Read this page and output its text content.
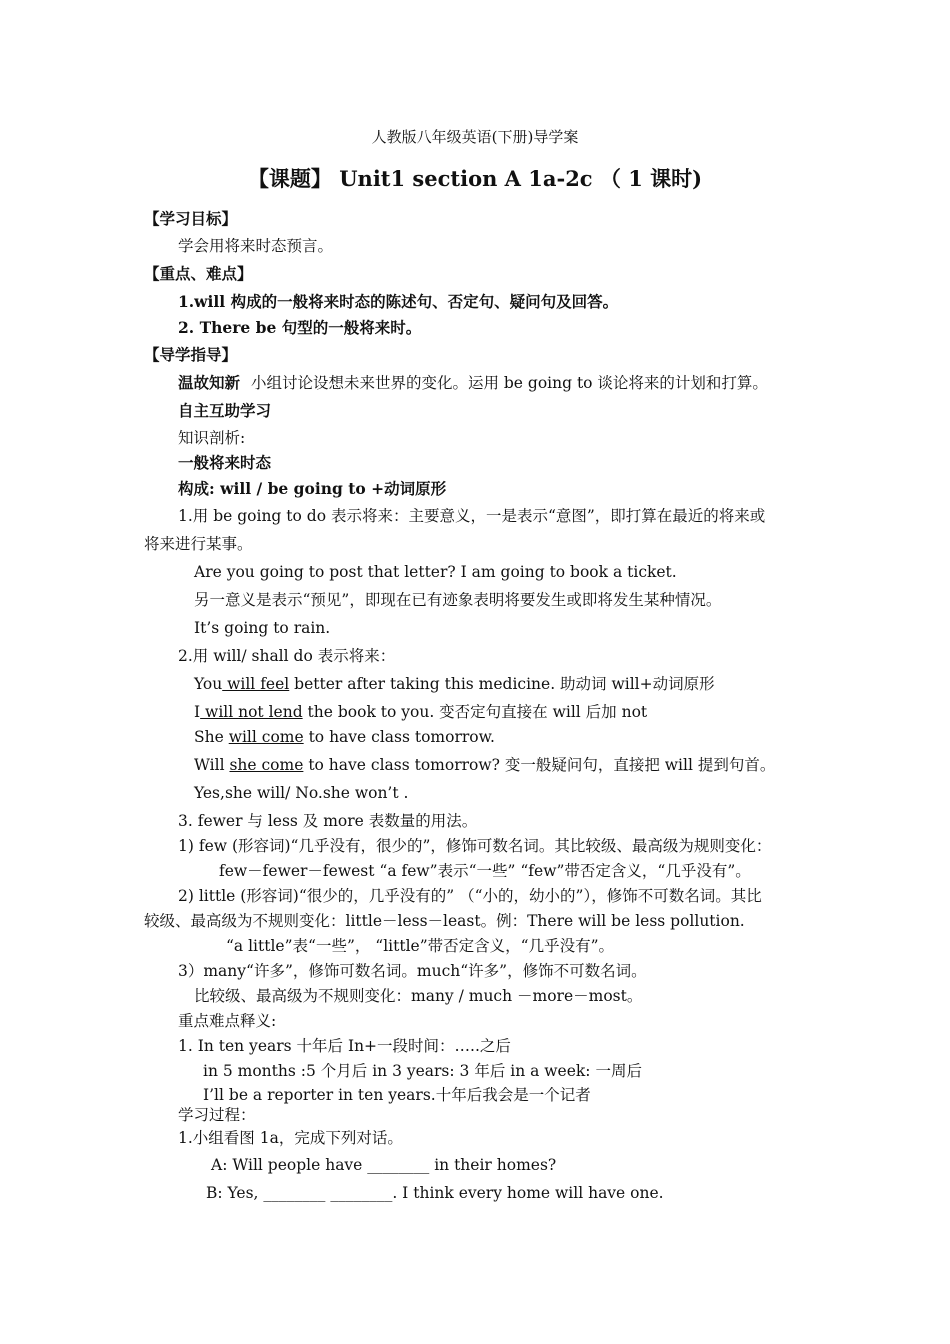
人教版八年级英语(下册)导学案
【课题】 Unit1 section A 1a-2c （ 1 课时)
【学习目标】
学会用将来时态预言。
【重点、难点】
1.will 构成的一般将来时态的陈述句、否定句、疑问句及回答。
2. There be 句型的一般将来时。
【导学指导】
温故知新 小组讨论设想未来世界的变化。运用 be going to 谈论将来的计划和打算。
自主互助学习
知识剖析:
一般将来时态
构成: will / be going to +动词原形
1.用 be going to do 表示将来：主要意义，一是表示“意图”，即打算在最近的将来或
将来进行某事。
Are you going to post that letter? I am going to book a ticket.
另一意义是表示“预见”，即现在已有迹象表明将要发生或即将发生某种情况。
It’s going to rain.
2.用 will/ shall do 表示将来：
You will feel better after taking this medicine. 助动词 will+动词原形
I will not lend the book to you. 变否定句直接在 will 后加 not
She will come to have class tomorrow.
Will she come to have class tomorrow? 变一般疑问句，直接把 will 提到句首。
Yes,she will/ No.she won’t .
3. fewer 与 less 及 more 表数量的用法。
1) few (形容词)“几乎没有，很少的”，修饰可数名词。其比较级、最高级为规则变化：
few－fewer－fewest “a few”表示“一些” “few”带否定含义，“几乎没有”。
2) little (形容词)“很少的，几乎没有的” （“小的，幼小的”），修饰不可数名词。其比
较级、最高级为不规则变化：little－less－least。例：There will be less pollution.
“a little”表“一些”， “little”带否定含义，“几乎没有”。
3）many“许多”，修饰可数名词。much“许多”，修饰不可数名词。
比较级、最高级为不规则变化：many / much －more－most。
重点难点释义:
1. In ten years 十年后 In+一段时间：…..之后
in 5 months :5 个月后 in 3 years: 3 年后 in a week: 一周后
I’ll be a reporter in ten years.十年后我会是一个记者
学习过程：
1.小组看图 1a，完成下列对话。
A: Will people have ________ in their homes?
B: Yes, ________ ________. I think every home will have one.
